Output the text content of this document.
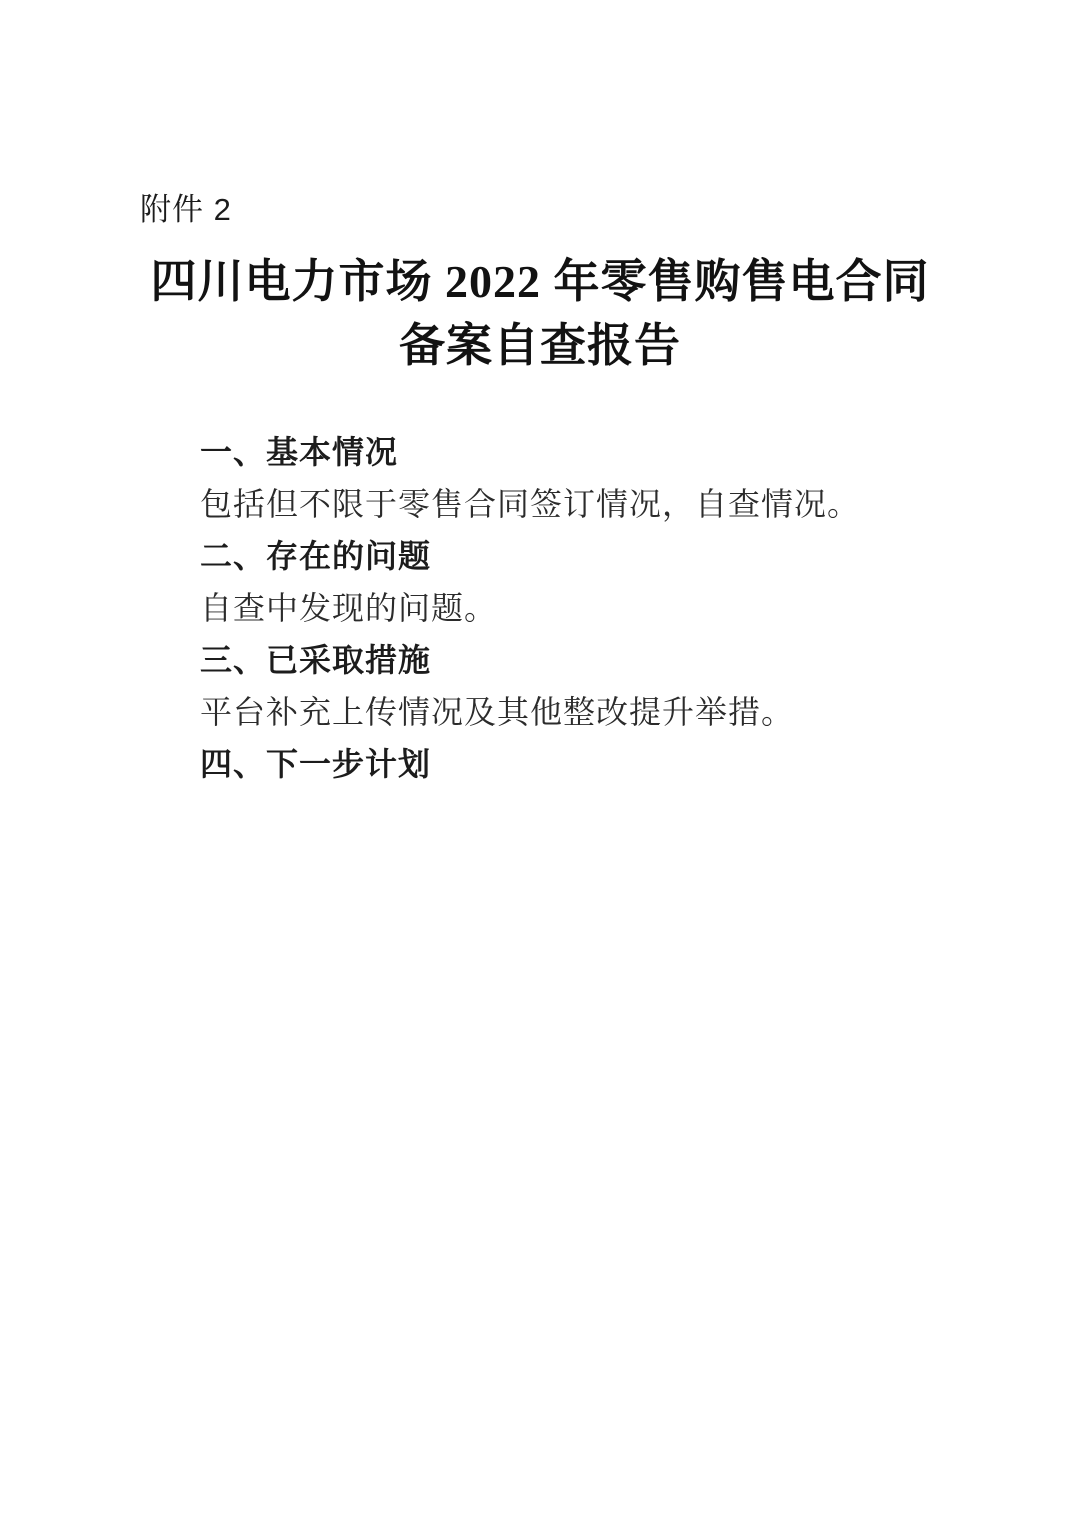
附件 2
四川电力市场 2022 年零售购售电合同
备案自查报告
一、基本情况
包括但不限于零售合同签订情况，自查情况。
二、存在的问题
自查中发现的问题。
三、已采取措施
平台补充上传情况及其他整改提升举措。
四、下一步计划
